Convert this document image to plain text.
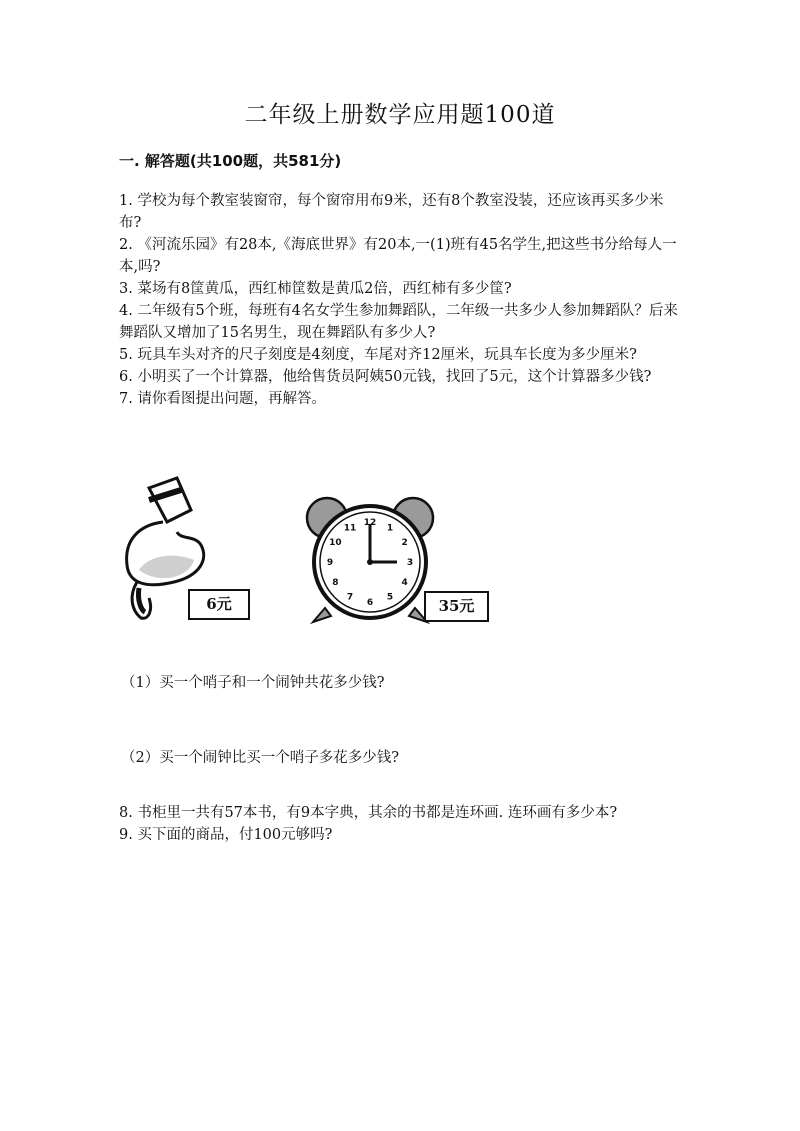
二年级上册数学应用题100道
一. 解答题(共100题，共581分)

1. 学校为每个教室装窗帘，每个窗帘用布9米，还有8个教室没装，还应该再买多少米布?

2. 《河流乐园》有28本,《海底世界》有20本,一(1)班有45名学生,把这些书分给每人一本,吗?

3. 菜场有8筐黄瓜，西红柿筐数是黄瓜2倍，西红柿有多少筐?

4. 二年级有5个班，每班有4名女学生参加舞蹈队，二年级一共多少人参加舞蹈队？后来舞蹈队又增加了15名男生，现在舞蹈队有多少人?

5. 玩具车头对齐的尺子刻度是4刻度，车尾对齐12厘米，玩具车长度为多少厘米?

6. 小明买了一个计算器，他给售货员阿姨50元钱，找回了5元，这个计算器多少钱?

7. 请你看图提出问题，再解答。

6元
12
1
2
3
4
5
6
7
8
9
10
11
35元
（1）买一个哨子和一个闹钟共花多少钱?
（2）买一个闹钟比买一个哨子多花多少钱?

8. 书柜里一共有57本书，有9本字典，其余的书都是连环画. 连环画有多少本?

9. 买下面的商品，付100元够吗?
